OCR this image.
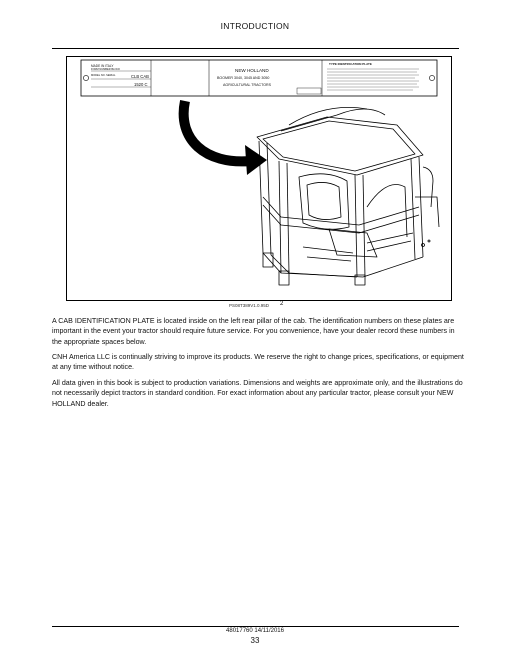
INTRODUCTION
MADE IN ITALY
FORM NUMBER BLOCK
MODEL NO. SERIAL	CLB CAB
1520 C
NEW HOLLAND
BOOMER 3040, 3045 AND 3050
AGRICULTURAL TRACTORS
TYPE IDENTIFICATION PLATE
PS08T389V1.0.95D 2

A CAB IDENTIFICATION PLATE is located inside on the left rear pillar of the cab. The identification numbers on these plates are important in the event your tractor should require future service. For you convenience, have your dealer record these numbers in the appropriate spaces below.

CNH America LLC is continually striving to improve its products. We reserve the right to change prices, specifications, or equipment at any time without notice.

All data given in this book is subject to production variations. Dimensions and weights are approximate only, and the illustrations do not necessarily depict tractors in standard condition. For exact information about any particular tractor, please consult your NEW HOLLAND dealer.

48017760 14/11/2016
33
